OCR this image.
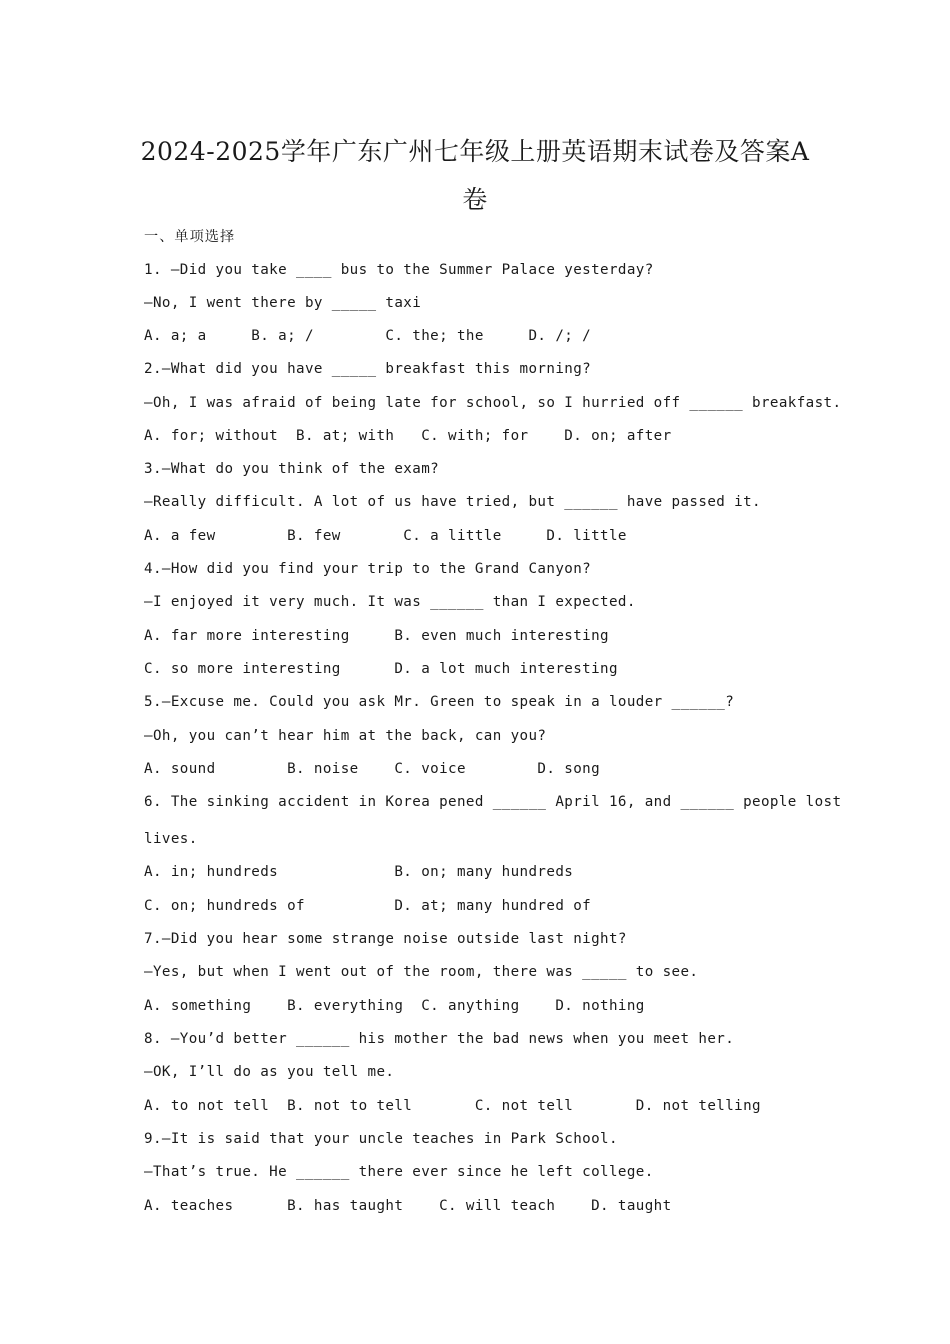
2024-2025学年广东广州七年级上册英语期末试卷及答案A
卷
一、单项选择
1. —Did you take ____ bus to the Summer Palace yesterday?
—No, I went there by _____ taxi
A. a; a     B. a; /        C. the; the     D. /; /
2.—What did you have _____ breakfast this morning?
—Oh, I was afraid of being late for school, so I hurried off ______ breakfast.
A. for; without  B. at; with   C. with; for    D. on; after
3.—What do you think of the exam?
—Really difficult. A lot of us have tried, but ______ have passed it.
A. a few        B. few       C. a little     D. little
4.—How did you find your trip to the Grand Canyon?
—I enjoyed it very much. It was ______ than I expected.
A. far more interesting     B. even much interesting
C. so more interesting      D. a lot much interesting
5.—Excuse me. Could you ask Mr. Green to speak in a louder ______?
—Oh, you can’t hear him at the back, can you?
A. sound        B. noise    C. voice        D. song
6. The sinking accident in Korea pened ______ April 16, and ______ people lost
lives.
A. in; hundreds             B. on; many hundreds
C. on; hundreds of          D. at; many hundred of
7.—Did you hear some strange noise outside last night?
—Yes, but when I went out of the room, there was _____ to see.
A. something    B. everything  C. anything    D. nothing
8. —You’d better ______ his mother the bad news when you meet her.
—OK, I’ll do as you tell me.
A. to not tell  B. not to tell       C. not tell       D. not telling
9.—It is said that your uncle teaches in Park School.
—That’s true. He ______ there ever since he left college.
A. teaches      B. has taught    C. will teach    D. taught
